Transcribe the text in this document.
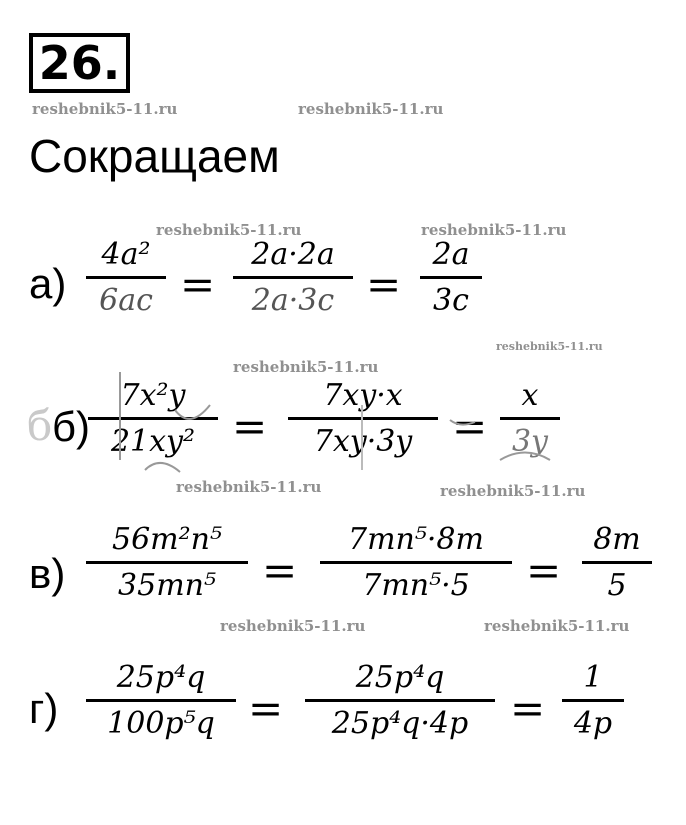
26.
reshebnik5-11.ru	reshebnik5-11.ru
reshebnik5-11.ru	reshebnik5-11.ru
reshebnik5-11.ru
reshebnik5-11.ru
reshebnik5-11.ru	reshebnik5-11.ru
reshebnik5-11.ru	reshebnik5-11.ru
Сокращаем
а)
4a²
6ac =
2a·2a
2a·3c =
2a
3c
б б)
7x²y
21xy² =
7xy·x
7xy·3y =
x
3y
в)
56m²n⁵
35mn⁵	=
7mn⁵·8m
7mn⁵·5	=
8m
5
г)
25p⁴q
100p⁵q =
25p⁴q
25p⁴q·4p =
1
4p
